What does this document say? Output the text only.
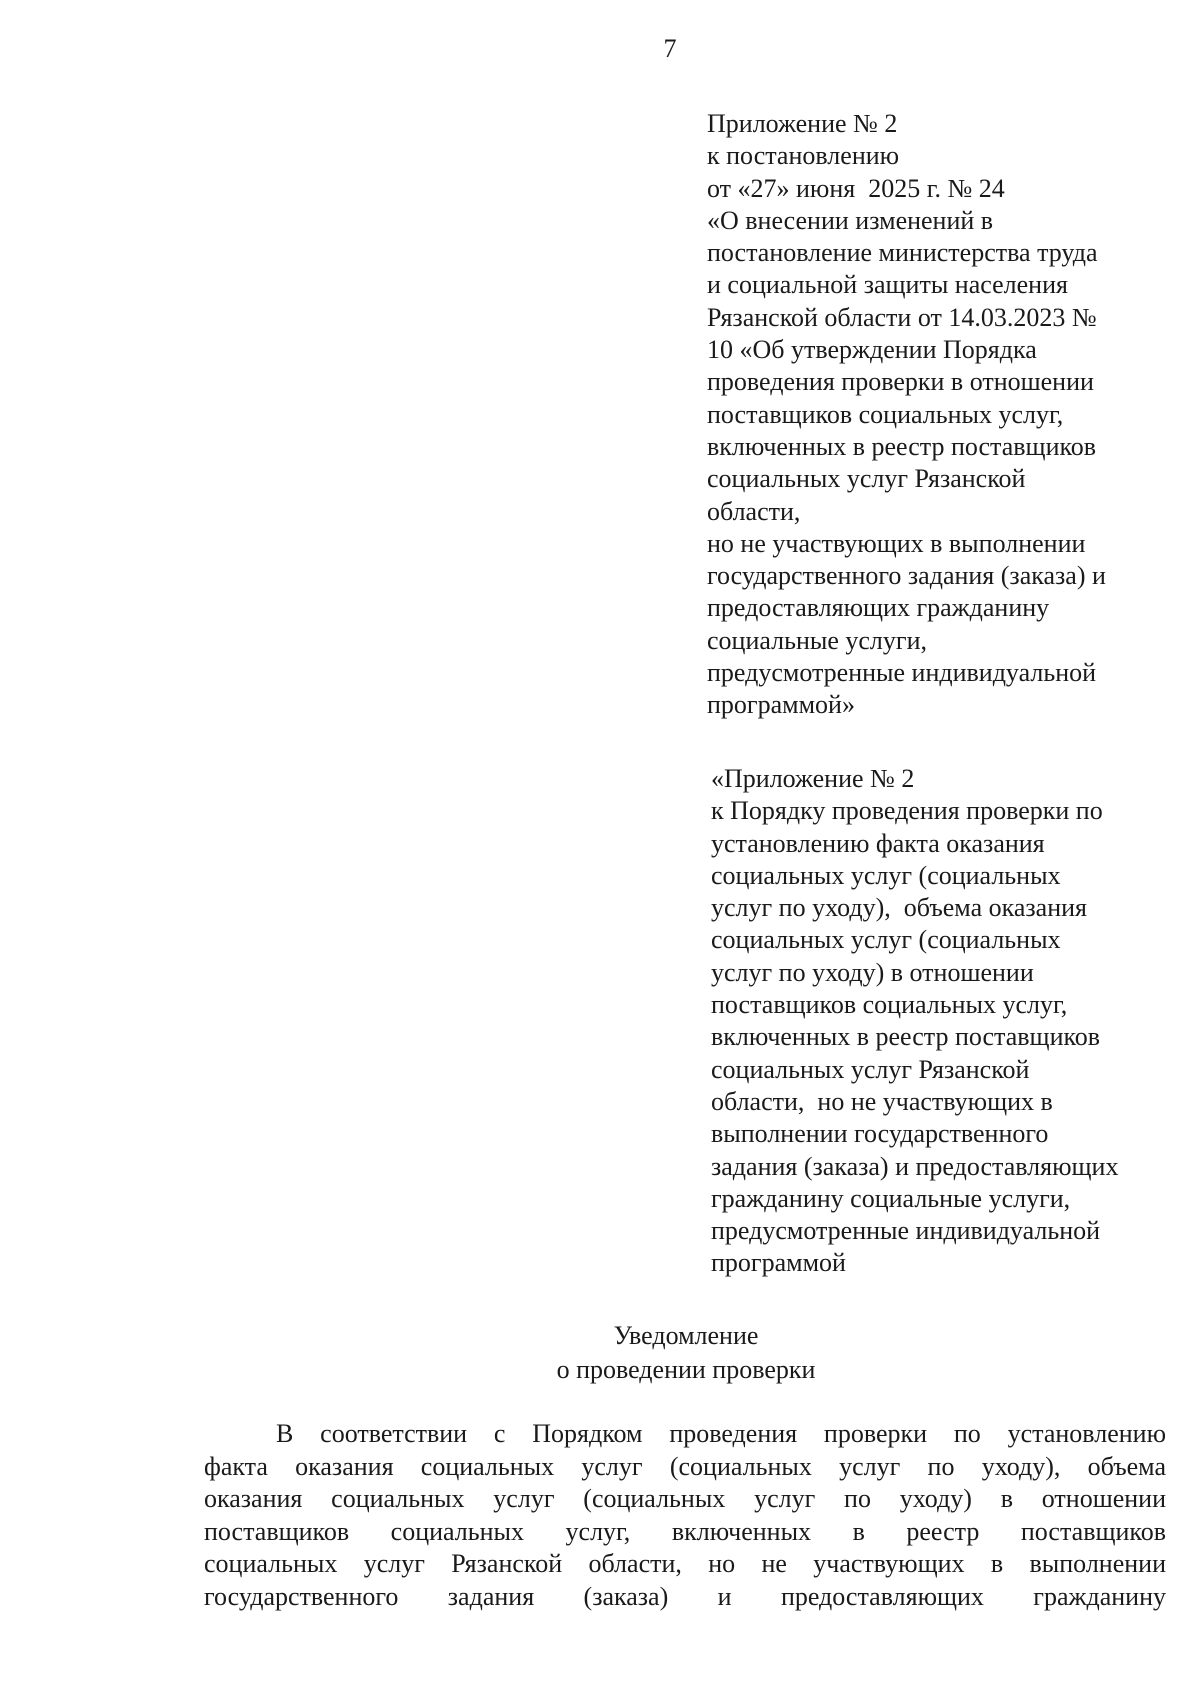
7
Приложение № 2
к постановлению
от «27» июня  2025 г. № 24
«О внесении изменений в
постановление министерства труда
и социальной защиты населения
Рязанской области от 14.03.2023 №
10 «Об утверждении Порядка
проведения проверки в отношении
поставщиков социальных услуг,
включенных в реестр поставщиков
социальных услуг Рязанской
области,
но не участвующих в выполнении
государственного задания (заказа) и
предоставляющих гражданину
социальные услуги,
предусмотренные индивидуальной
программой»
«Приложение № 2
к Порядку проведения проверки по
установлению факта оказания
социальных услуг (социальных
услуг по уходу),  объема оказания
социальных услуг (социальных
услуг по уходу) в отношении
поставщиков социальных услуг,
включенных в реестр поставщиков
социальных услуг Рязанской
области,  но не участвующих в
выполнении государственного
задания (заказа) и предоставляющих
гражданину социальные услуги,
предусмотренные индивидуальной
программой
Уведомление
о проведении проверки
В соответствии с Порядком проведения проверки по установлению
факта оказания социальных услуг (социальных услуг по уходу), объема
оказания социальных услуг (социальных услуг по уходу) в отношении
поставщиков социальных услуг, включенных в реестр поставщиков
социальных услуг Рязанской области, но не участвующих в выполнении
государственного задания (заказа) и предоставляющих гражданину
